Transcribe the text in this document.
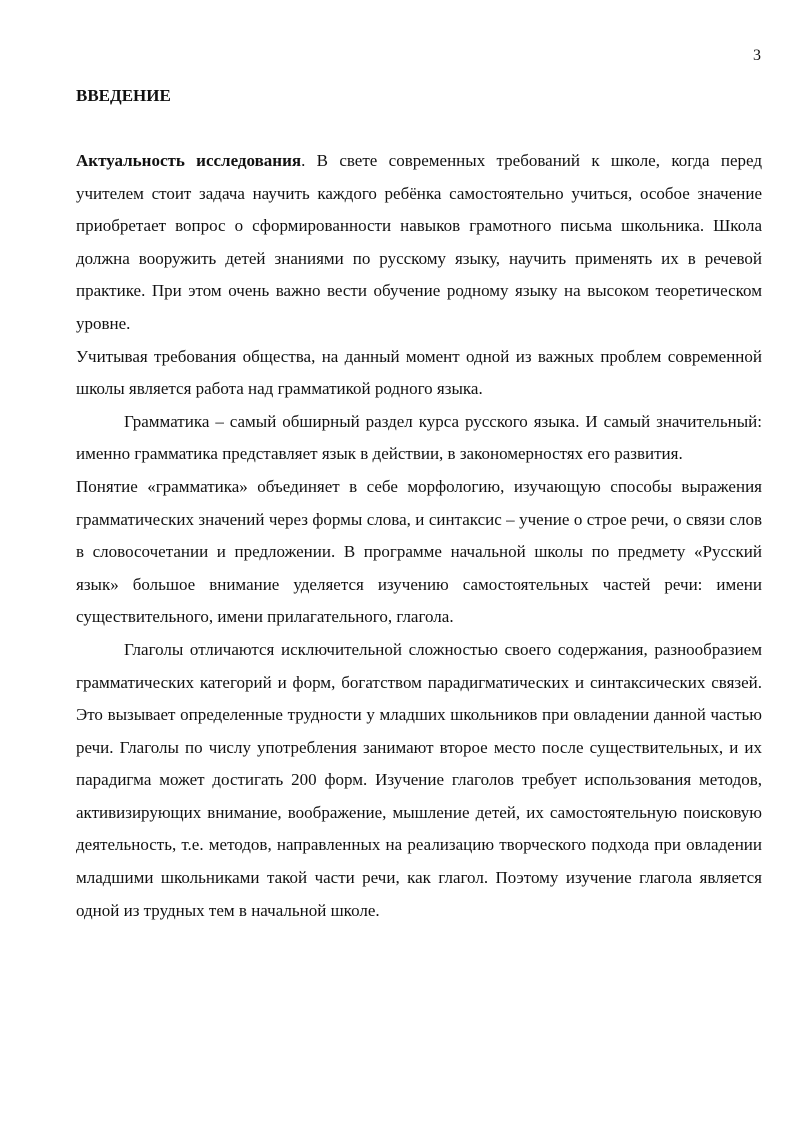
3
ВВЕДЕНИЕ

Актуальность исследования. В свете современных требований к школе, когда перед учителем стоит задача научить каждого ребёнка самостоятельно учиться, особое значение приобретает вопрос о сформированности навыков грамотного письма школьника. Школа должна вооружить детей знаниями по русскому языку, научить применять их в речевой практике. При этом очень важно вести обучение родному языку на высоком теоретическом уровне.

Учитывая требования общества, на данный момент одной из важных проблем современной школы является работа над грамматикой родного языка.

Грамматика – самый обширный раздел курса русского языка. И самый значительный: именно грамматика представляет язык в действии, в закономерностях его развития.

Понятие «грамматика» объединяет в себе морфологию, изучающую способы выражения грамматических значений через формы слова, и синтаксис – учение о строе речи, о связи слов в словосочетании и предложении. В программе начальной школы по предмету «Русский язык» большое внимание уделяется изучению самостоятельных частей речи: имени существительного, имени прилагательного, глагола.

Глаголы отличаются исключительной сложностью своего содержания, разнообразием грамматических категорий и форм, богатством парадигматических и синтаксических связей. Это вызывает определенные трудности у младших школьников при овладении данной частью речи. Глаголы по числу употребления занимают второе место после существительных, и их парадигма может достигать 200 форм. Изучение глаголов требует использования методов, активизирующих внимание, воображение, мышление детей, их самостоятельную поисковую деятельность, т.е. методов, направленных на реализацию творческого подхода при овладении младшими школьниками такой части речи, как глагол. Поэтому изучение глагола является одной из трудных тем в начальной школе.
